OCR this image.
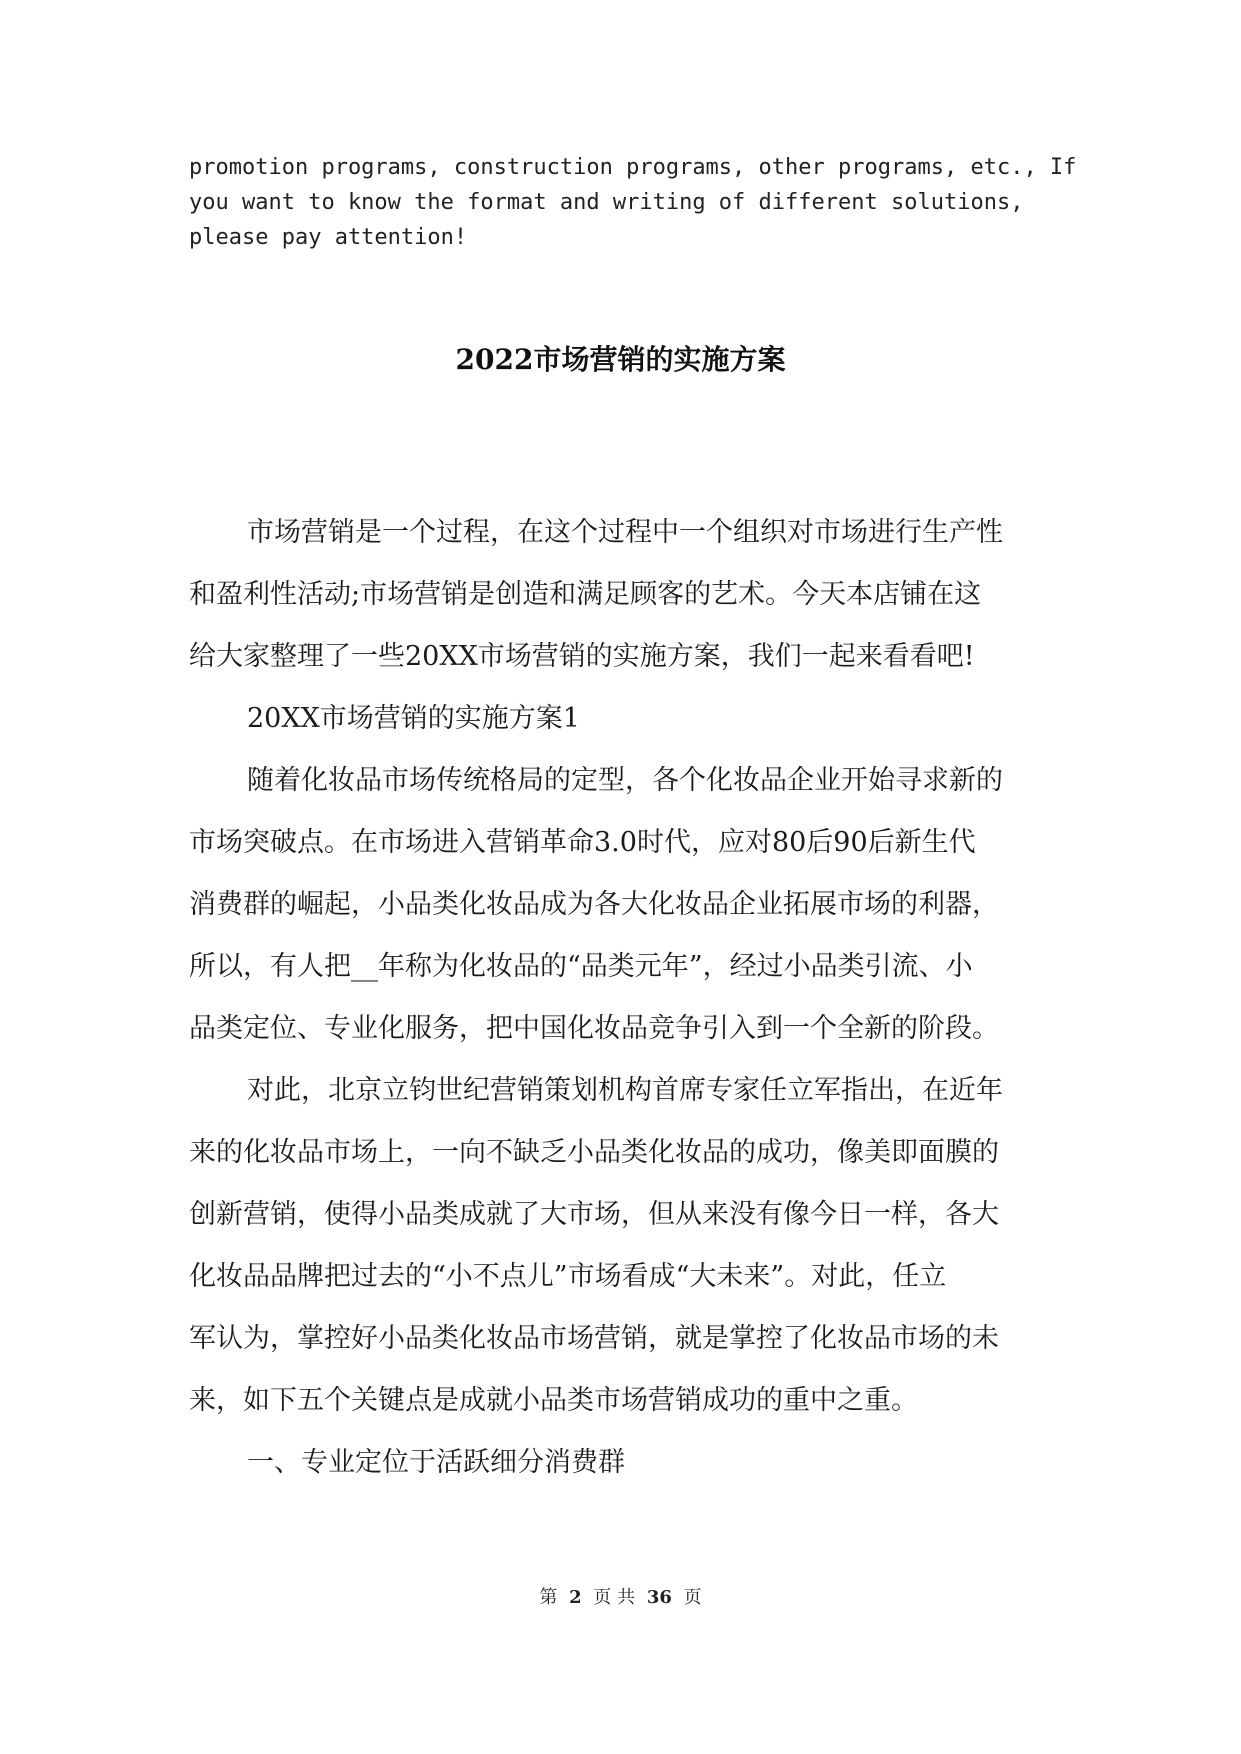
promotion programs, construction programs, other programs, etc., If
you want to know the format and writing of different solutions,
please pay attention!
2022市场营销的实施方案
市场营销是一个过程，在这个过程中一个组织对市场进行生产性
和盈利性活动;市场营销是创造和满足顾客的艺术。今天本店铺在这
给大家整理了一些20XX市场营销的实施方案，我们一起来看看吧!
20XX市场营销的实施方案1
随着化妆品市场传统格局的定型，各个化妆品企业开始寻求新的
市场突破点。在市场进入营销革命3.0时代，应对80后90后新生代
消费群的崛起，小品类化妆品成为各大化妆品企业拓展市场的利器，
所以，有人把__年称为化妆品的“品类元年”，经过小品类引流、小
品类定位、专业化服务，把中国化妆品竞争引入到一个全新的阶段。
对此，北京立钧世纪营销策划机构首席专家任立军指出，在近年
来的化妆品市场上，一向不缺乏小品类化妆品的成功，像美即面膜的
创新营销，使得小品类成就了大市场，但从来没有像今日一样，各大
化妆品品牌把过去的“小不点儿”市场看成“大未来”。对此，任立
军认为，掌控好小品类化妆品市场营销，就是掌控了化妆品市场的未
来，如下五个关键点是成就小品类市场营销成功的重中之重。
一、专业定位于活跃细分消费群
第 2 页 共 36 页
